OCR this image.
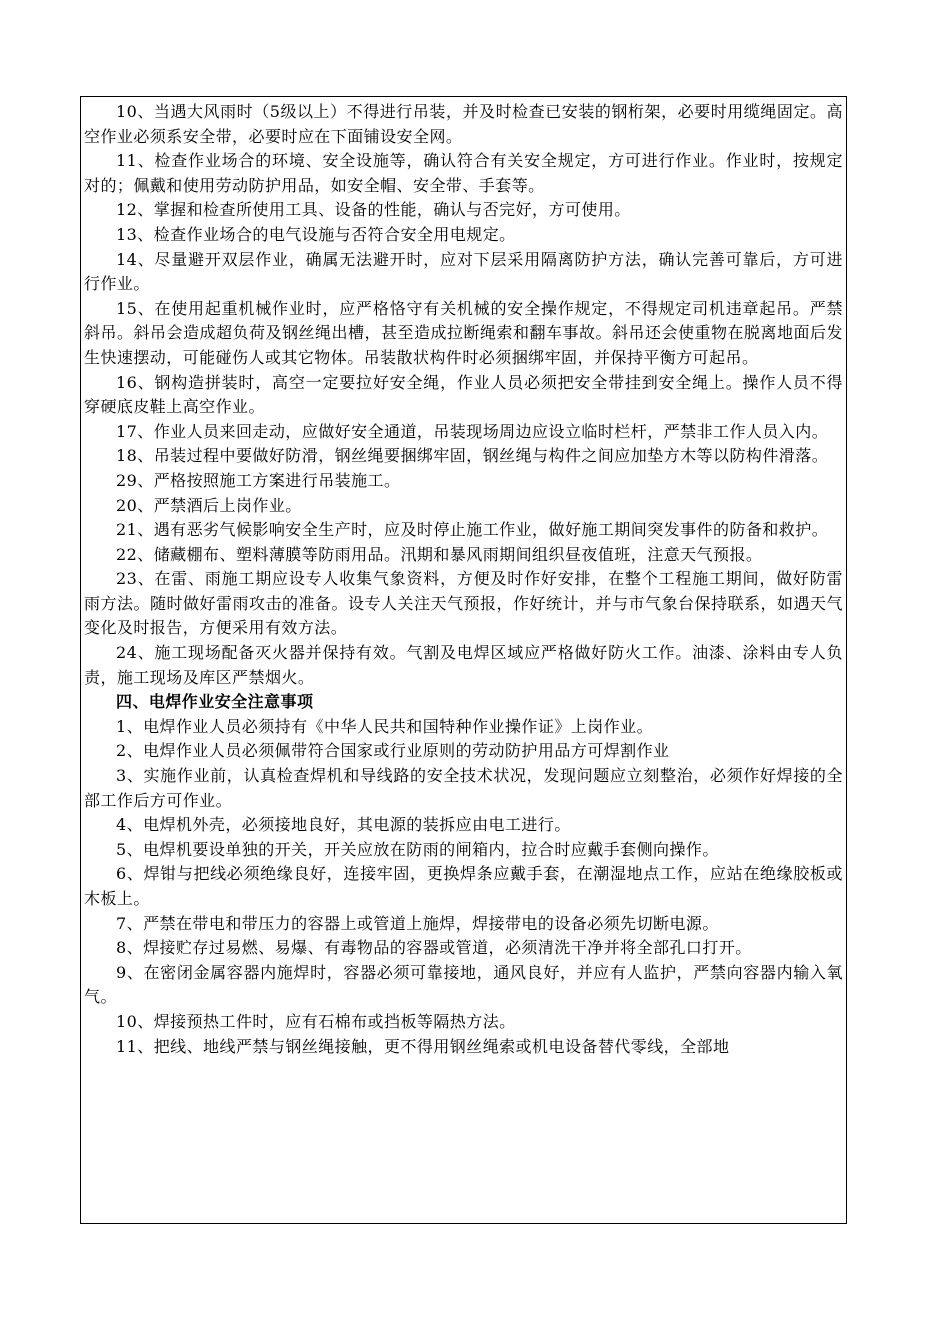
10、当遇大风雨时（5级以上）不得进行吊装，并及时检查已安装的钢桁架，必要时用缆绳固定。高空作业必须系安全带，必要时应在下面铺设安全网。

11、检查作业场合的环境、安全设施等，确认符合有关安全规定，方可进行作业。作业时，按规定对的；佩戴和使用劳动防护用品，如安全帽、安全带、手套等。

12、掌握和检查所使用工具、设备的性能，确认与否完好，方可使用。

13、检查作业场合的电气设施与否符合安全用电规定。

14、尽量避开双层作业，确属无法避开时，应对下层采用隔离防护方法，确认完善可靠后，方可进行作业。

15、在使用起重机械作业时，应严格恪守有关机械的安全操作规定，不得规定司机违章起吊。严禁斜吊。斜吊会造成超负荷及钢丝绳出槽，甚至造成拉断绳索和翻车事故。斜吊还会使重物在脱离地面后发生快速摆动，可能碰伤人或其它物体。吊装散状构件时必须捆绑牢固，并保持平衡方可起吊。

16、钢构造拼装时，高空一定要拉好安全绳，作业人员必须把安全带挂到安全绳上。操作人员不得穿硬底皮鞋上高空作业。

17、作业人员来回走动，应做好安全通道，吊装现场周边应设立临时栏杆，严禁非工作人员入内。

18、吊装过程中要做好防滑，钢丝绳要捆绑牢固，钢丝绳与构件之间应加垫方木等以防构件滑落。

29、严格按照施工方案进行吊装施工。

20、严禁酒后上岗作业。

21、遇有恶劣气候影响安全生产时，应及时停止施工作业，做好施工期间突发事件的防备和救护。

22、储藏棚布、塑料薄膜等防雨用品。汛期和暴风雨期间组织昼夜值班，注意天气预报。

23、在雷、雨施工期应设专人收集气象资料，方便及时作好安排，在整个工程施工期间，做好防雷雨方法。随时做好雷雨攻击的准备。设专人关注天气预报，作好统计，并与市气象台保持联系，如遇天气变化及时报告，方便采用有效方法。

24、施工现场配备灭火器并保持有效。气割及电焊区域应严格做好防火工作。油漆、涂料由专人负责，施工现场及库区严禁烟火。

四、电焊作业安全注意事项

1、电焊作业人员必须持有《中华人民共和国特种作业操作证》上岗作业。

2、电焊作业人员必须佩带符合国家或行业原则的劳动防护用品方可焊割作业

3、实施作业前，认真检查焊机和导线路的安全技术状况，发现问题应立刻整治，必须作好焊接的全部工作后方可作业。

4、电焊机外壳，必须接地良好，其电源的装拆应由电工进行。

5、电焊机要设单独的开关，开关应放在防雨的闸箱内，拉合时应戴手套侧向操作。

6、焊钳与把线必须绝缘良好，连接牢固，更换焊条应戴手套，在潮湿地点工作，应站在绝缘胶板或木板上。

7、严禁在带电和带压力的容器上或管道上施焊，焊接带电的设备必须先切断电源。

8、焊接贮存过易燃、易爆、有毒物品的容器或管道，必须清洗干净并将全部孔口打开。

9、在密闭金属容器内施焊时，容器必须可靠接地，通风良好，并应有人监护，严禁向容器内输入氧气。

10、焊接预热工件时，应有石棉布或挡板等隔热方法。

11、把线、地线严禁与钢丝绳接触，更不得用钢丝绳索或机电设备替代零线，全部地
